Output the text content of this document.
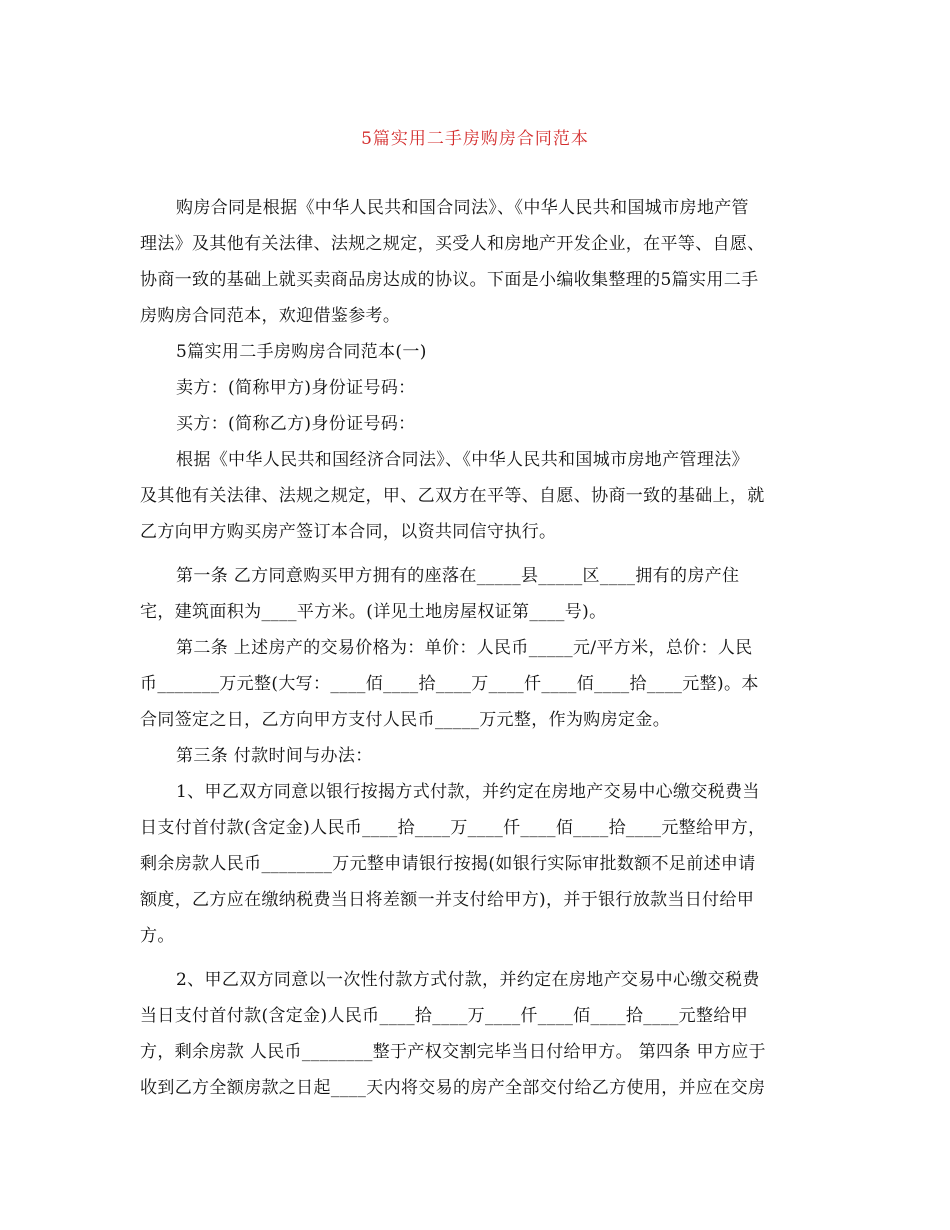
5篇实用二手房购房合同范本
购房合同是根据《中华人民共和国合同法》、《中华人民共和国城市房地产管
理法》及其他有关法律、法规之规定，买受人和房地产开发企业，在平等、自愿、
协商一致的基础上就买卖商品房达成的协议。下面是小编收集整理的5篇实用二手
房购房合同范本，欢迎借鉴参考。
5篇实用二手房购房合同范本(一)
卖方：(简称甲方)身份证号码：
买方：(简称乙方)身份证号码：
根据《中华人民共和国经济合同法》、《中华人民共和国城市房地产管理法》
及其他有关法律、法规之规定，甲、乙双方在平等、自愿、协商一致的基础上，就
乙方向甲方购买房产签订本合同，以资共同信守执行。
第一条 乙方同意购买甲方拥有的座落在_____县_____区____拥有的房产住
宅，建筑面积为____平方米。(详见土地房屋权证第____号)。
第二条 上述房产的交易价格为：单价：人民币_____元/平方米，总价：人民
币_______万元整(大写：____佰____拾____万____仟____佰____拾____元整)。本
合同签定之日，乙方向甲方支付人民币_____万元整，作为购房定金。
第三条 付款时间与办法：
1、甲乙双方同意以银行按揭方式付款，并约定在房地产交易中心缴交税费当
日支付首付款(含定金)人民币____拾____万____仟____佰____拾____元整给甲方，
剩余房款人民币________万元整申请银行按揭(如银行实际审批数额不足前述申请
额度，乙方应在缴纳税费当日将差额一并支付给甲方)，并于银行放款当日付给甲
方。
2、甲乙双方同意以一次性付款方式付款，并约定在房地产交易中心缴交税费
当日支付首付款(含定金)人民币____拾____万____仟____佰____拾____元整给甲
方，剩余房款 人民币________整于产权交割完毕当日付给甲方。 第四条 甲方应于
收到乙方全额房款之日起____天内将交易的房产全部交付给乙方使用，并应在交房
